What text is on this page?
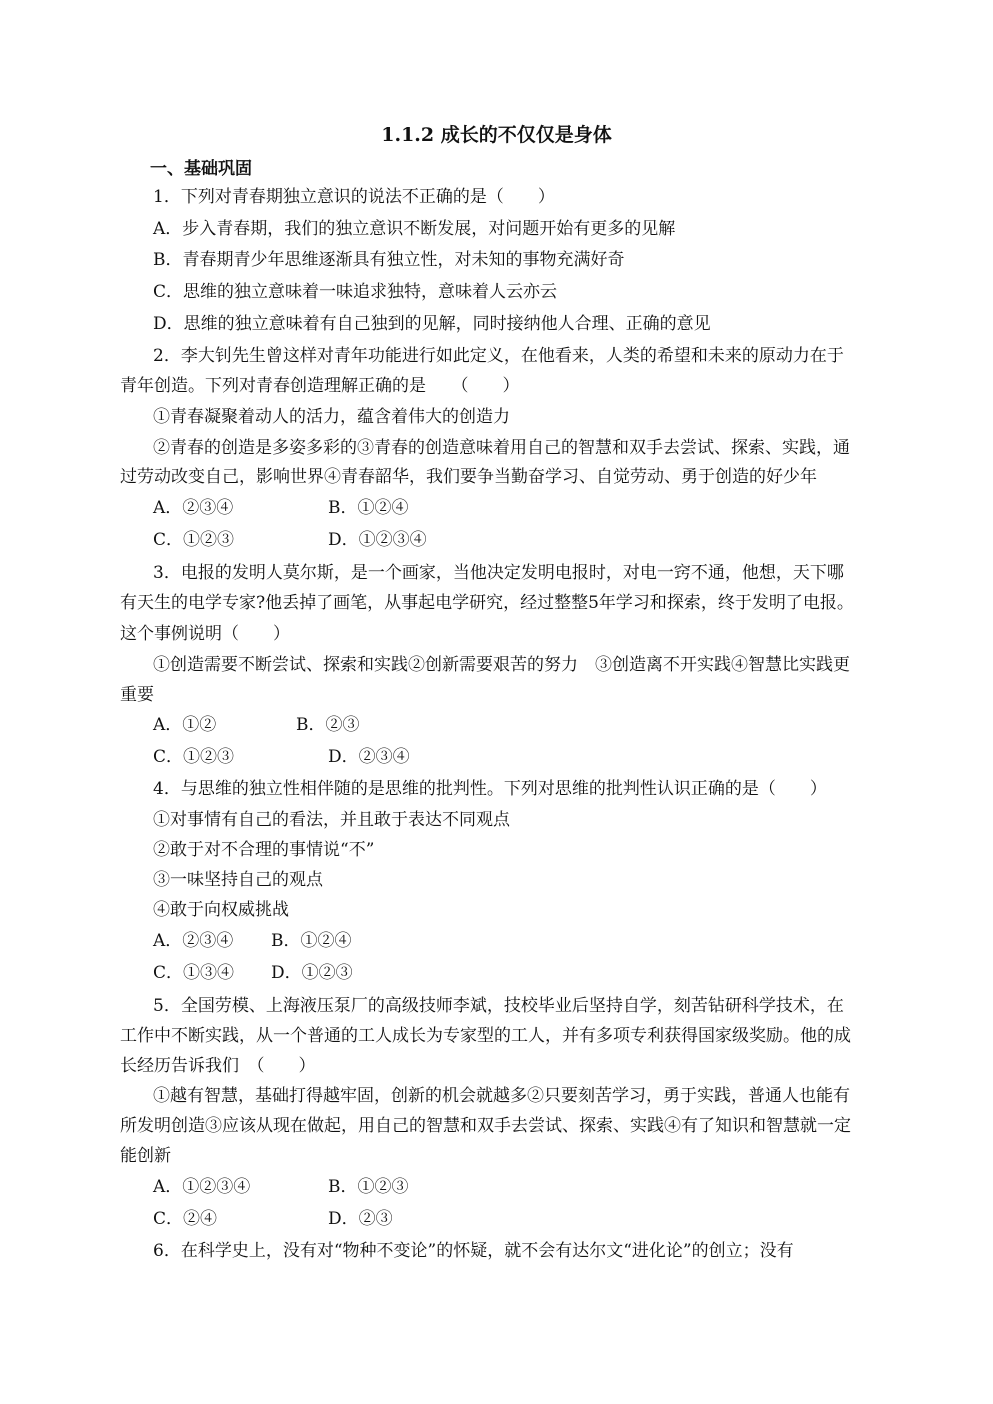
1.1.2 成长的不仅仅是身体
一、基础巩固
1．下列对青春期独立意识的说法不正确的是（　　）
A．步入青春期，我们的独立意识不断发展，对问题开始有更多的见解
B．青春期青少年思维逐渐具有独立性，对未知的事物充满好奇
C．思维的独立意味着一味追求独特，意味着人云亦云
D．思维的独立意味着有自己独到的见解，同时接纳他人合理、正确的意见
2．李大钊先生曾这样对青年功能进行如此定义，在他看来，人类的希望和未来的原动力在于
青年创造。下列对青春创造理解正确的是　　（　　）
①青春凝聚着动人的活力，蕴含着伟大的创造力
②青春的创造是多姿多彩的③青春的创造意味着用自己的智慧和双手去尝试、探索、实践，通
过劳动改变自己，影响世界④青春韶华，我们要争当勤奋学习、自觉劳动、勇于创造的好少年
A．②③④	B．①②④
C．①②③	D．①②③④
3．电报的发明人莫尔斯，是一个画家，当他决定发明电报时，对电一窍不通，他想，天下哪
有天生的电学专家?他丢掉了画笔，从事起电学研究，经过整整5年学习和探索，终于发明了电报。
这个事例说明（　　）
①创造需要不断尝试、探索和实践②创新需要艰苦的努力　③创造离不开实践④智慧比实践更
重要
A．①②	B．②③
C．①②③	D．②③④
4．与思维的独立性相伴随的是思维的批判性。下列对思维的批判性认识正确的是（　　）
①对事情有自己的看法，并且敢于表达不同观点
②敢于对不合理的事情说“不”
③一味坚持自己的观点
④敢于向权威挑战
A．②③④ B．①②④
C．①③④ D．①②③
5．全国劳模、上海液压泵厂的高级技师李斌，技校毕业后坚持自学，刻苦钻研科学技术，在
工作中不断实践，从一个普通的工人成长为专家型的工人，并有多项专利获得国家级奖励。他的成
长经历告诉我们　（　　）
①越有智慧，基础打得越牢固，创新的机会就越多②只要刻苦学习，勇于实践，普通人也能有
所发明创造③应该从现在做起，用自己的智慧和双手去尝试、探索、实践④有了知识和智慧就一定
能创新
A．①②③④	B．①②③
C．②④	D．②③
6．在科学史上，没有对“物种不变论”的怀疑，就不会有达尔文“进化论”的创立；没有
